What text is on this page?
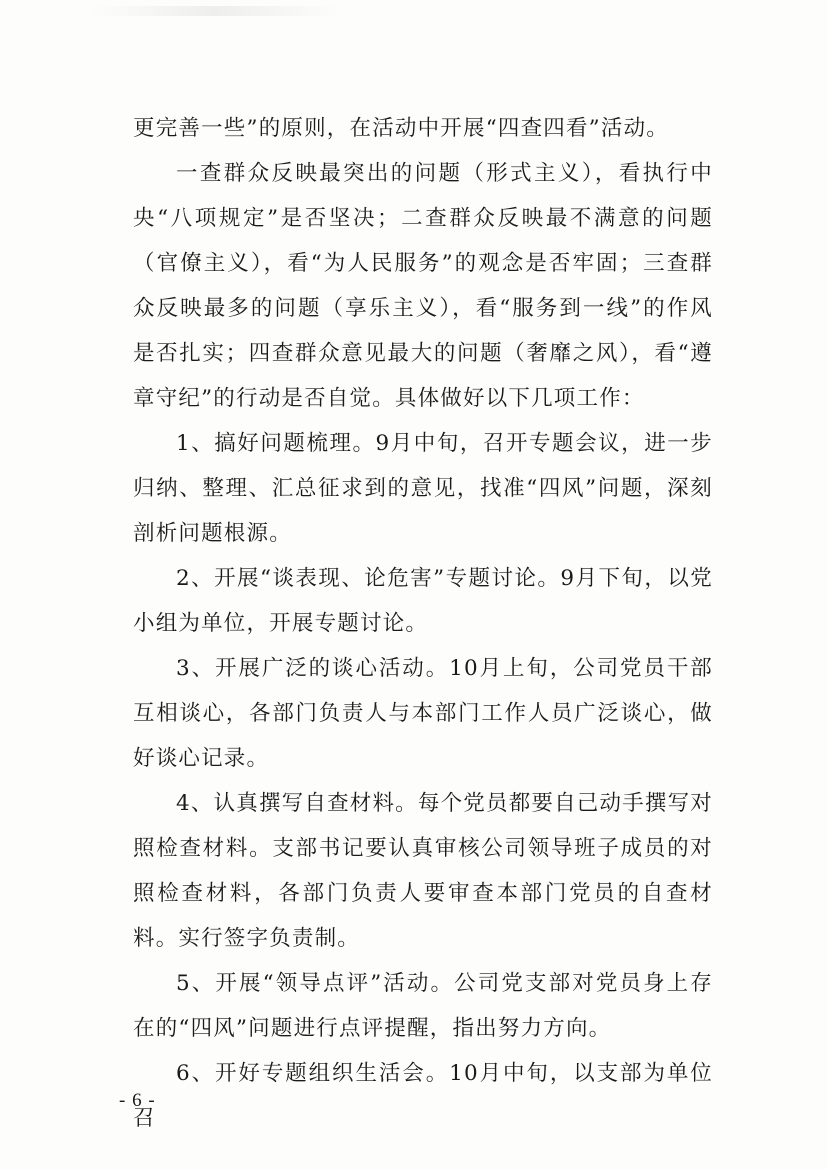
更完善一些”的原则，在活动中开展“四查四看”活动。

一查群众反映最突出的问题（形式主义），看执行中央“八项规定”是否坚决；二查群众反映最不满意的问题（官僚主义），看“为人民服务”的观念是否牢固；三查群众反映最多的问题（享乐主义），看“服务到一线”的作风是否扎实；四查群众意见最大的问题（奢靡之风），看“遵章守纪”的行动是否自觉。具体做好以下几项工作：

1、搞好问题梳理。9月中旬，召开专题会议，进一步归纳、整理、汇总征求到的意见，找准“四风”问题，深刻剖析问题根源。

2、开展“谈表现、论危害”专题讨论。9月下旬，以党小组为单位，开展专题讨论。

3、开展广泛的谈心活动。10月上旬，公司党员干部互相谈心，各部门负责人与本部门工作人员广泛谈心，做好谈心记录。

4、认真撰写自查材料。每个党员都要自己动手撰写对照检查材料。支部书记要认真审核公司领导班子成员的对照检查材料，各部门负责人要审查本部门党员的自查材料。实行签字负责制。

5、开展“领导点评”活动。公司党支部对党员身上存在的“四风”问题进行点评提醒，指出努力方向。

6、开好专题组织生活会。10月中旬，以支部为单位召

- 6 -
